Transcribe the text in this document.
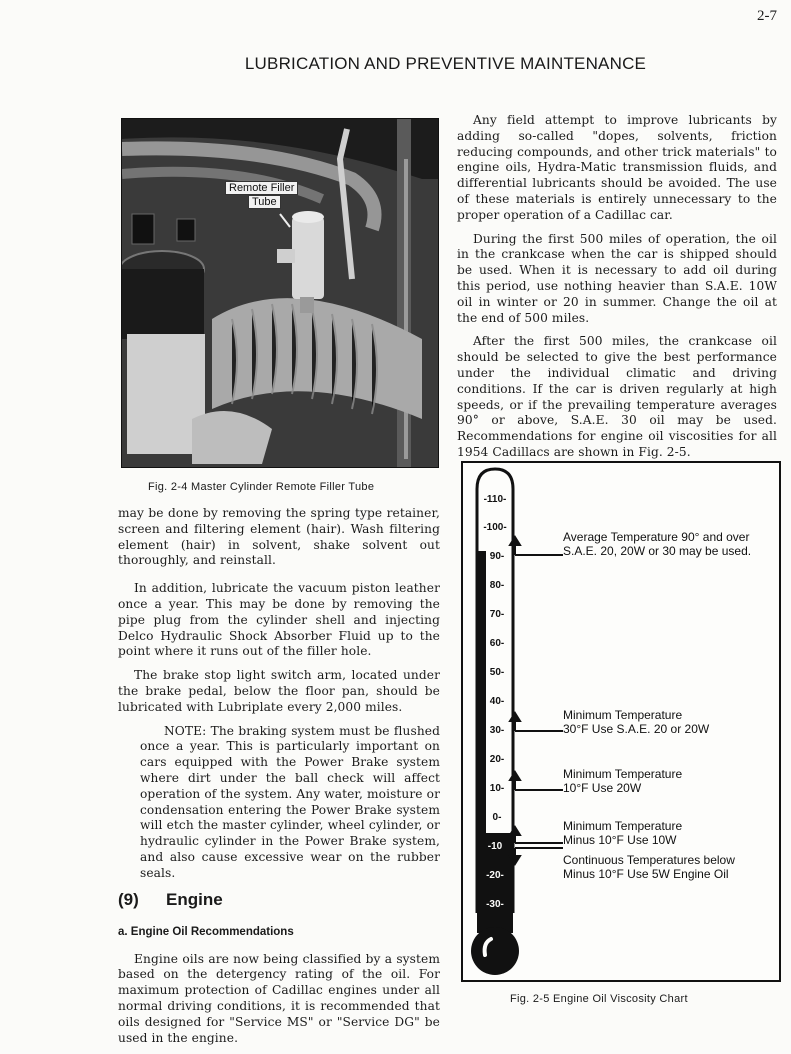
2-7
LUBRICATION AND PREVENTIVE MAINTENANCE
Remote Filler
Tube
Fig. 2-4 Master Cylinder Remote Filler Tube

may be done by removing the spring type retainer, screen and filtering element (hair). Wash filtering element (hair) in solvent, shake solvent out thoroughly, and reinstall.

In addition, lubricate the vacuum piston leather once a year. This may be done by removing the pipe plug from the cylinder shell and injecting Delco Hydraulic Shock Absorber Fluid up to the point where it runs out of the filler hole.

The brake stop light switch arm, located under the brake pedal, below the floor pan, should be lubricated with Lubriplate every 2,000 miles.

NOTE: The braking system must be flushed once a year. This is particularly important on cars equipped with the Power Brake system where dirt under the ball check will affect operation of the system. Any water, moisture or condensation entering the Power Brake system will etch the master cylinder, wheel cylinder, or hydraulic cylinder in the Power Brake system, and also cause excessive wear on the rubber seals.

(9) Engine
a. Engine Oil Recommendations

Engine oils are now being classified by a system based on the detergency rating of the oil. For maximum protection of Cadillac engines under all normal driving conditions, it is recommended that oils designed for "Service MS" or "Service DG" be used in the engine.

Any field attempt to improve lubricants by adding so-called "dopes, solvents, friction reducing compounds, and other trick materials" to engine oils, Hydra-Matic transmission fluids, and differential lubricants should be avoided. The use of these materials is entirely unnecessary to the proper operation of a Cadillac car.

During the first 500 miles of operation, the oil in the crankcase when the car is shipped should be used. When it is necessary to add oil during this period, use nothing heavier than S.A.E. 10W oil in winter or 20 in summer. Change the oil at the end of 500 miles.

After the first 500 miles, the crankcase oil should be selected to give the best performance under the individual climatic and driving conditions. If the car is driven regularly at high speeds, or if the prevailing temperature averages 90° or above, S.A.E. 30 oil may be used. Recommendations for engine oil viscosities for all 1954 Cadillacs are shown in Fig. 2-5.

-110-
-100-
90-
80-
70-
60-
50-
40-
30-
20-
10-
0-
-10
-20-
-30-
Average Temperature 90° and over
S.A.E. 20, 20W or 30 may be used.
Minimum Temperature
30°F Use S.A.E. 20 or 20W
Minimum Temperature
10°F Use 20W
Minimum Temperature
Minus 10°F Use 10W
Continuous Temperatures below
Minus 10°F Use 5W Engine Oil
Fig. 2-5 Engine Oil Viscosity Chart
